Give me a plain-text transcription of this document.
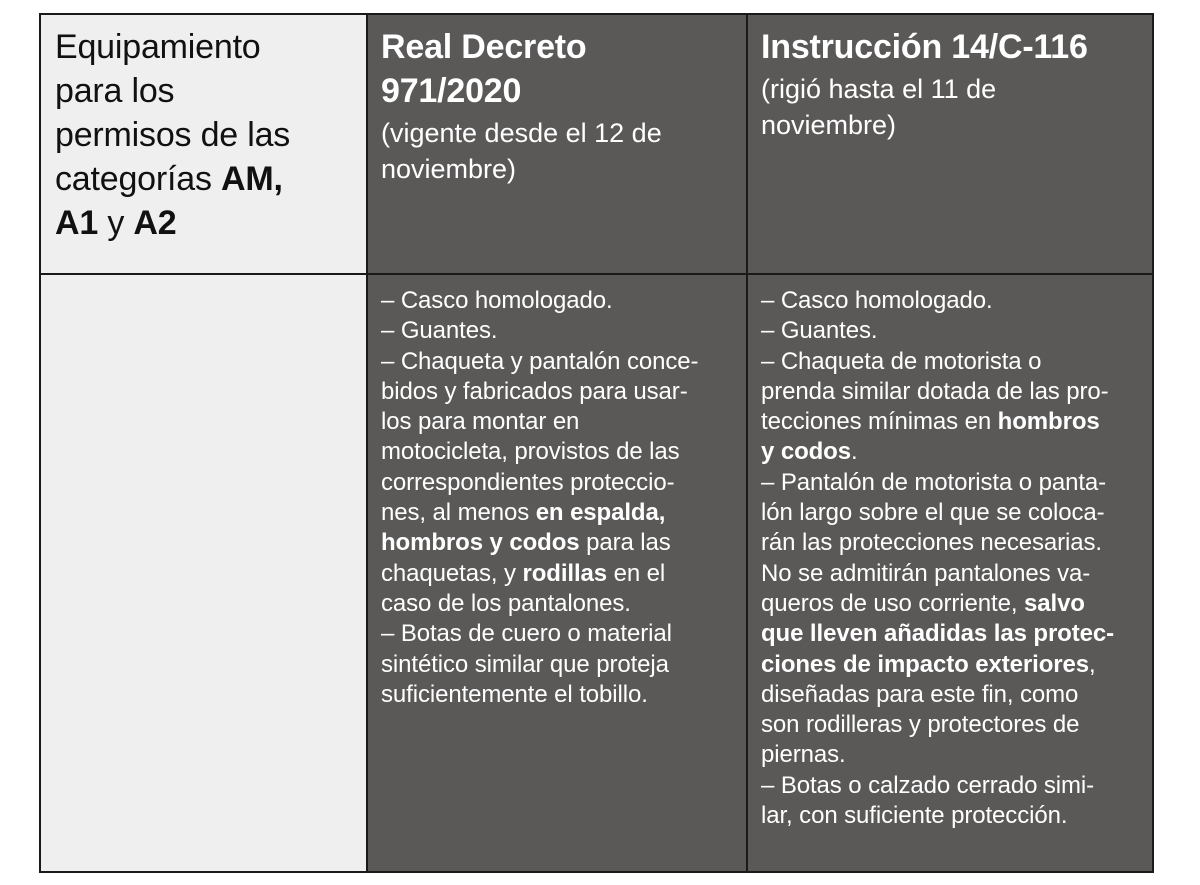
Equipamiento
para los
permisos de las
categorías AM,
A1 y A2
Real Decreto
971/2020
(vigente desde el 12 de
noviembre)
Instrucción 14/C-116
(rigió hasta el 11 de
noviembre)
– Casco homologado.
– Guantes.
– Chaqueta y pantalón conce-
bidos y fabricados para usar-
los para montar en
motocicleta, provistos de las
correspondientes proteccio-
nes, al menos en espalda,
hombros y codos para las
chaquetas, y rodillas en el
caso de los pantalones.
– Botas de cuero o material
sintético similar que proteja
suficientemente el tobillo.
– Casco homologado.
– Guantes.
– Chaqueta de motorista o
prenda similar dotada de las pro-
tecciones mínimas en hombros
y codos.
– Pantalón de motorista o panta-
lón largo sobre el que se coloca-
rán las protecciones necesarias.
No se admitirán pantalones va-
queros de uso corriente, salvo
que lleven añadidas las protec-
ciones de impacto exteriores,
diseñadas para este fin, como
son rodilleras y protectores de
piernas.
– Botas o calzado cerrado simi-
lar, con suficiente protección.
